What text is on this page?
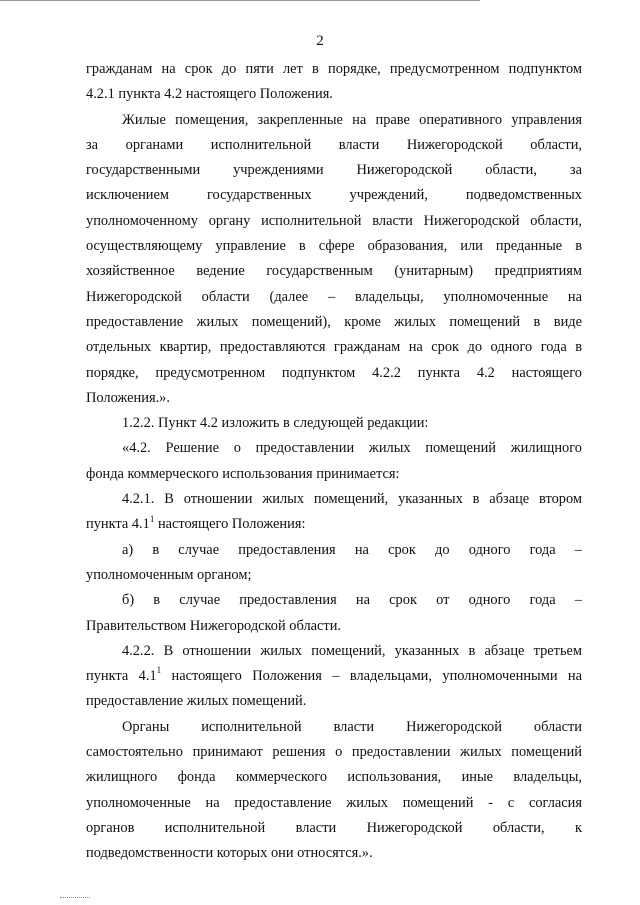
2

гражданам на срок до пяти лет в порядке, предусмотренном подпунктом

4.2.1 пункта 4.2 настоящего Положения.

Жилые помещения, закрепленные на праве оперативного управления

за органами исполнительной власти Нижегородской области,

государственными учреждениями Нижегородской области, за

исключением государственных учреждений, подведомственных

уполномоченному органу исполнительной власти Нижегородской области,

осуществляющему управление в сфере образования, или преданные в

хозяйственное ведение государственным (унитарным) предприятиям

Нижегородской области (далее – владельцы, уполномоченные на

предоставление жилых помещений), кроме жилых помещений в виде

отдельных квартир, предоставляются гражданам на срок до одного года в

порядке, предусмотренном подпунктом 4.2.2 пункта 4.2 настоящего

Положения.».

1.2.2. Пункт 4.2 изложить в следующей редакции:

«4.2. Решение о предоставлении жилых помещений жилищного

фонда коммерческого использования принимается:

4.2.1. В отношении жилых помещений, указанных в абзаце втором

пункта $4.1^1$ настоящего Положения:

а) в случае предоставления на срок до одного года –

уполномоченным органом;

б) в случае предоставления на срок от одного года –

Правительством Нижегородской области.

4.2.2. В отношении жилых помещений, указанных в абзаце третьем

пункта $4.1^1$ настоящего Положения – владельцами, уполномоченными на

предоставление жилых помещений.

Органы исполнительной власти Нижегородской области

самостоятельно принимают решения о предоставлении жилых помещений

жилищного фонда коммерческого использования, иные владельцы,

уполномоченные на предоставление жилых помещений - с согласия

органов исполнительной власти Нижегородской области, к

подведомственности которых они относятся.».
